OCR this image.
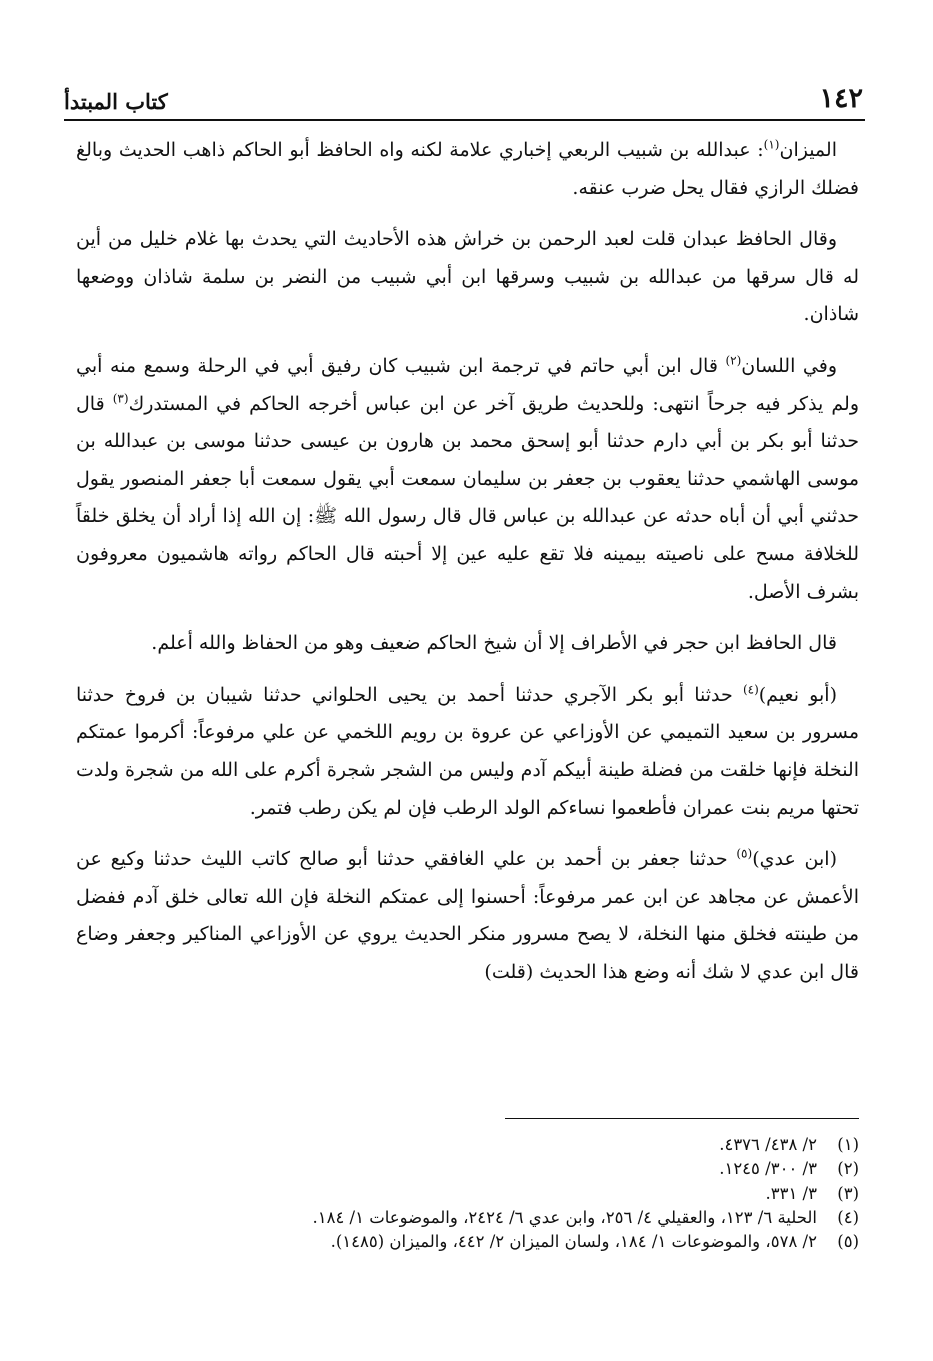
١٤٢
كتاب المبتدأ

الميزان$^{(١)}$: عبدالله بن شبيب الربعي إخباري علامة لكنه واه الحافظ أبو الحاكم ذاهب الحديث وبالغ فضلك الرازي فقال يحل ضرب عنقه.

وقال الحافظ عبدان قلت لعبد الرحمن بن خراش هذه الأحاديث التي يحدث بها غلام خليل من أين له قال سرقها من عبدالله بن شبيب وسرقها ابن أبي شبيب من النضر بن سلمة شاذان ووضعها شاذان.

وفي اللسان$^{(٢)}$ قال ابن أبي حاتم في ترجمة ابن شبيب كان رفيق أبي في الرحلة وسمع منه أبي ولم يذكر فيه جرحاً انتهى: وللحديث طريق آخر عن ابن عباس أخرجه الحاكم في المستدرك$^{(٣)}$ قال حدثنا أبو بكر بن أبي دارم حدثنا أبو إسحق محمد بن هارون بن عيسى حدثنا موسى بن عبدالله بن موسى الهاشمي حدثنا يعقوب بن جعفر بن سليمان سمعت أبي يقول سمعت أبا جعفر المنصور يقول حدثني أبي أن أباه حدثه عن عبدالله بن عباس قال قال رسول الله ﷺ: إن الله إذا أراد أن يخلق خلقاً للخلافة مسح على ناصيته بيمينه فلا تقع عليه عين إلا أحبته قال الحاكم رواته هاشميون معروفون بشرف الأصل.

قال الحافظ ابن حجر في الأطراف إلا أن شيخ الحاكم ضعيف وهو من الحفاظ والله أعلم.

(أبو نعيم)$^{(٤)}$ حدثنا أبو بكر الآجري حدثنا أحمد بن يحيى الحلواني حدثنا شيبان بن فروخ حدثنا مسرور بن سعيد التميمي عن الأوزاعي عن عروة بن رويم اللخمي عن علي مرفوعاً: أكرموا عمتكم النخلة فإنها خلقت من فضلة طينة أبيكم آدم وليس من الشجر شجرة أكرم على الله من شجرة ولدت تحتها مريم بنت عمران فأطعموا نساءكم الولد الرطب فإن لم يكن رطب فتمر.

(ابن عدي)$^{(٥)}$ حدثنا جعفر بن أحمد بن علي الغافقي حدثنا أبو صالح كاتب الليث حدثنا وكيع عن الأعمش عن مجاهد عن ابن عمر مرفوعاً: أحسنوا إلى عمتكم النخلة فإن الله تعالى خلق آدم ففضل من طينته فخلق منها النخلة، لا يصح مسرور منكر الحديث يروي عن الأوزاعي المناكير وجعفر وضاع قال ابن عدي لا شك أنه وضع هذا الحديث (قلت)

(١)
٢/ ٤٣٨/ ٤٣٧٦.
(٢)
٣/ ٣٠٠/ ١٢٤٥.
(٣)
٣/ ٣٣١.
(٤)
الحلية ٦/ ١٢٣، والعقيلي ٤/ ٢٥٦، وابن عدي ٦/ ٢٤٢٤، والموضوعات ١/ ١٨٤.
(٥)
٢/ ٥٧٨، والموضوعات ١/ ١٨٤، ولسان الميزان ٢/ ٤٤٢، والميزان (١٤٨٥).
